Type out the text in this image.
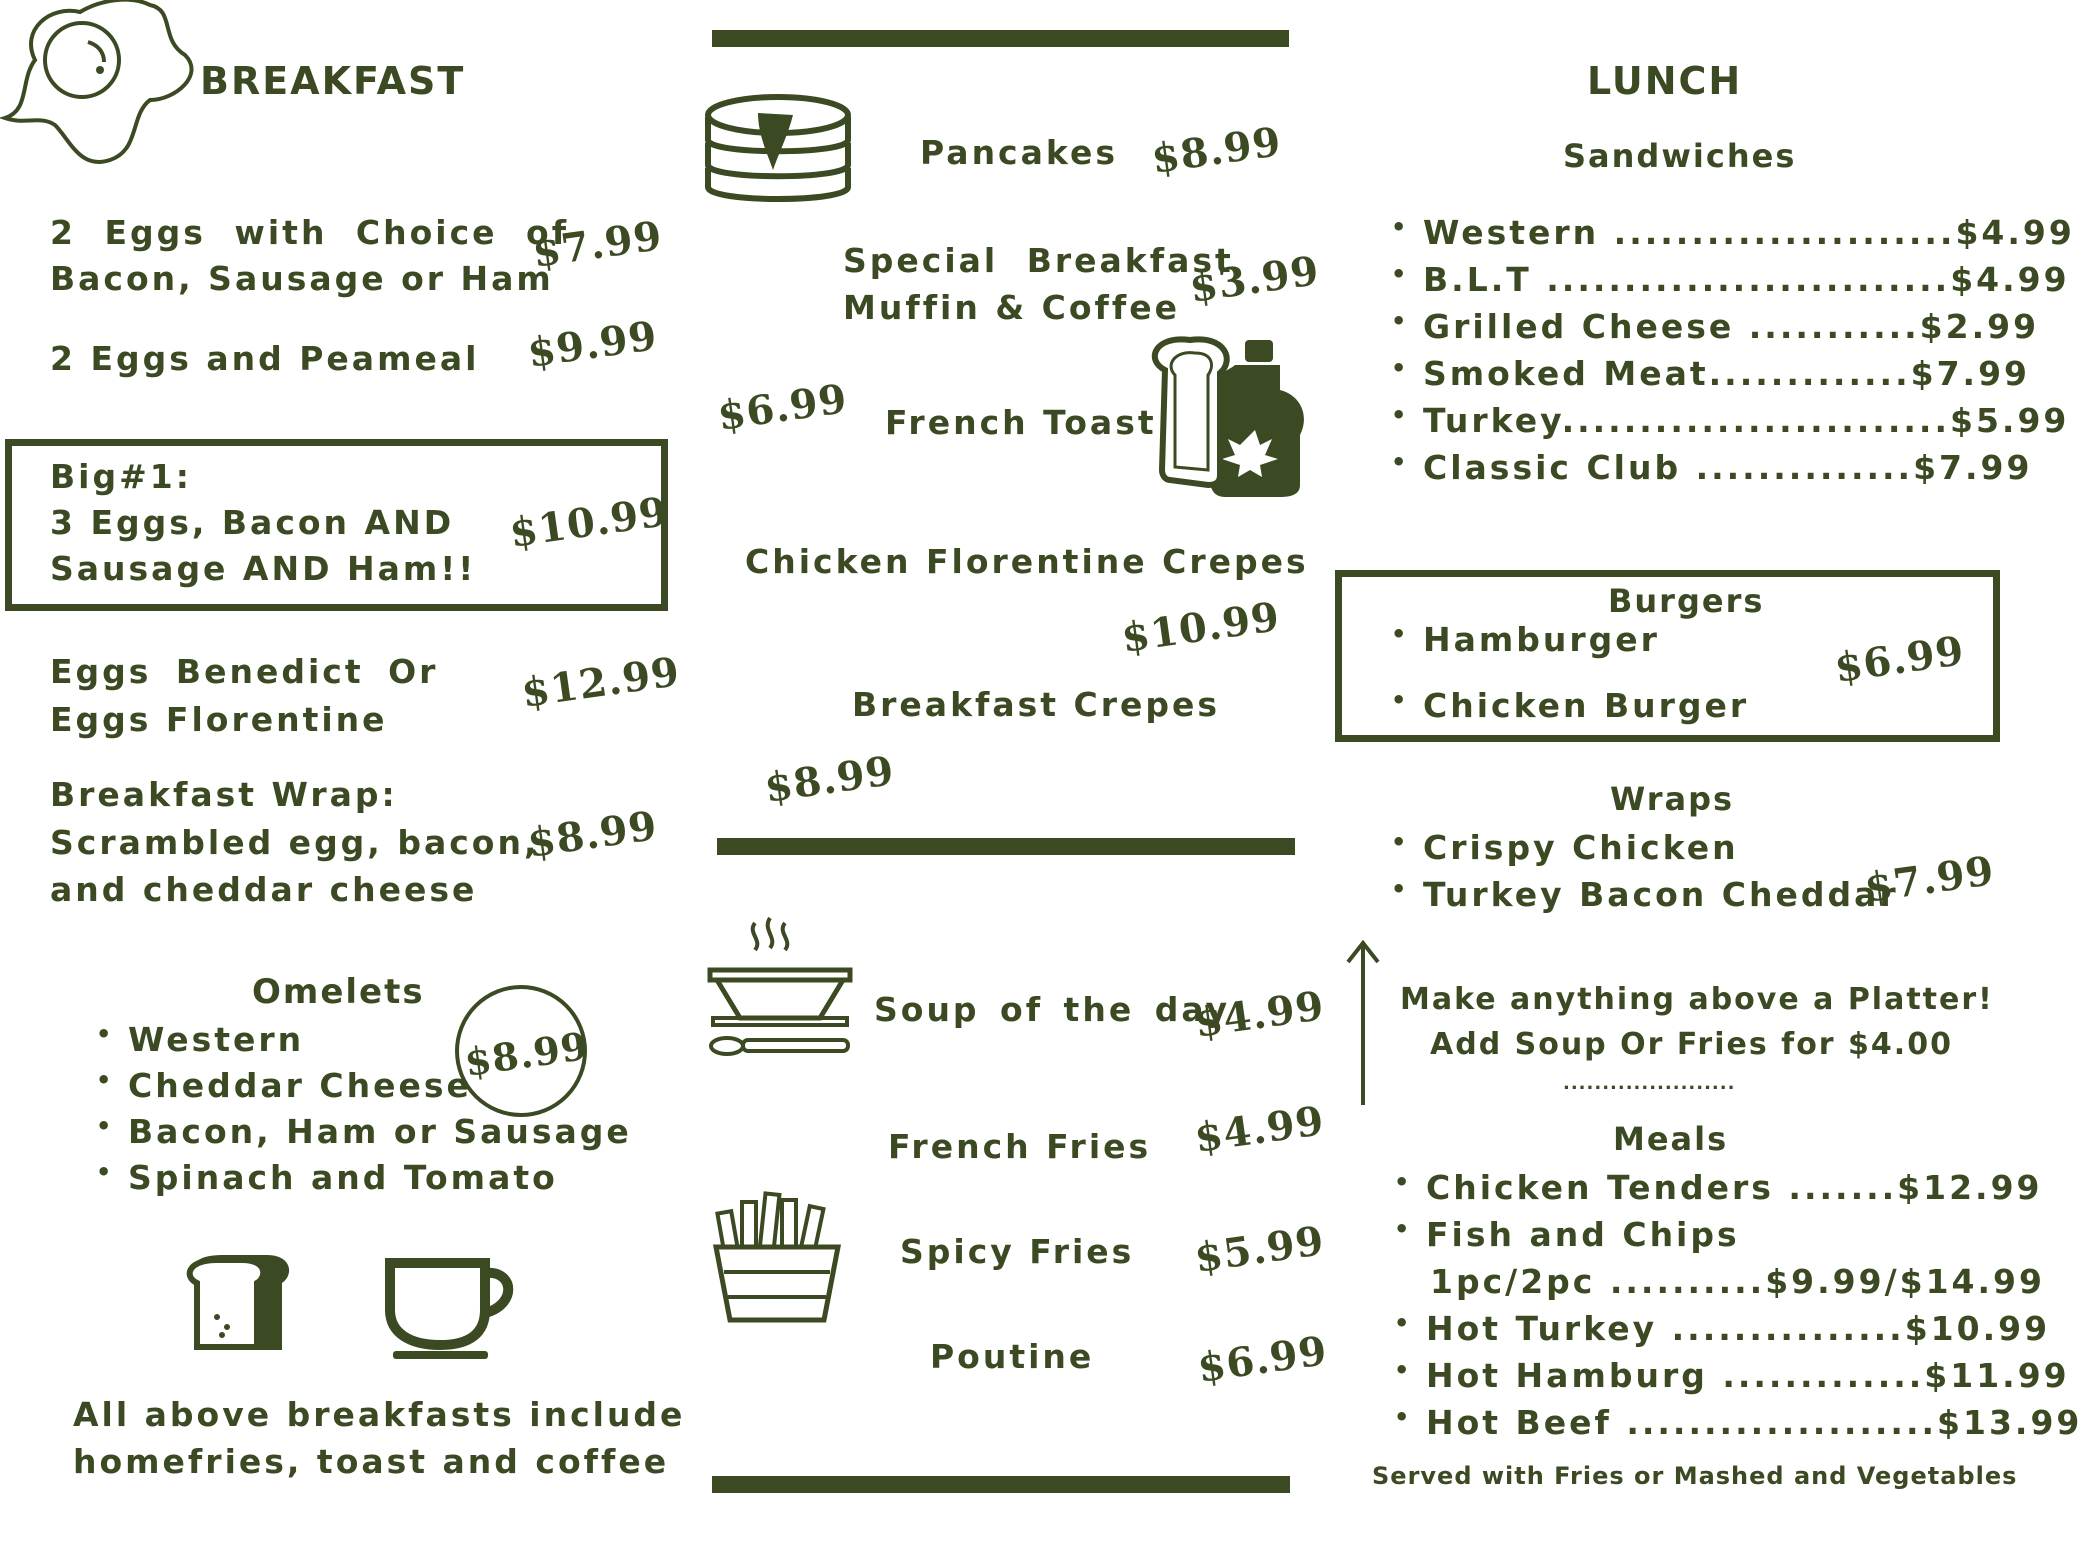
BREAKFAST
2 Eggs with Choice of
Bacon, Sausage or Ham
$7.99
2 Eggs and Peameal $9.99
Big#1:
3 Eggs, Bacon AND
Sausage AND Ham!!
$10.99
Eggs Benedict Or
Eggs Florentine
$12.99
Breakfast Wrap:
Scrambled egg, bacon,
and cheddar cheese
$8.99
Omelets
$8.99
• Western
• Cheddar Cheese
• Bacon, Ham or Sausage
• Spinach and Tomato
All above breakfasts include
homefries, toast and coffee
Pancakes $8.99
Special Breakfast
Muffin & Coffee $3.99
$6.99 French Toast
Chicken Florentine Crepes
$10.99
Breakfast Crepes
$8.99
Soup of the day
$4.99
French Fries $4.99
Spicy Fries $5.99
Poutine	$6.99
LUNCH
Sandwiches
• Western ......................$4.99
• B.L.T ..........................$4.99
• Grilled Cheese ...........$2.99
• Smoked Meat.............$7.99
• Turkey.........................$5.99
• Classic Club ..............$7.99
Burgers
• Hamburger
• Chicken Burger
$6.99
Wraps
• Crispy Chicken
• Turkey Bacon Cheddar
$7.99
Make anything above a Platter!
Add Soup Or Fries for $4.00
......................
Meals
• Chicken Tenders .......$12.99
• Fish and Chips
1pc/2pc ..........$9.99/$14.99
• Hot Turkey ...............$10.99
• Hot Hamburg .............$11.99
• Hot Beef ....................$13.99
Served with Fries or Mashed and Vegetables
